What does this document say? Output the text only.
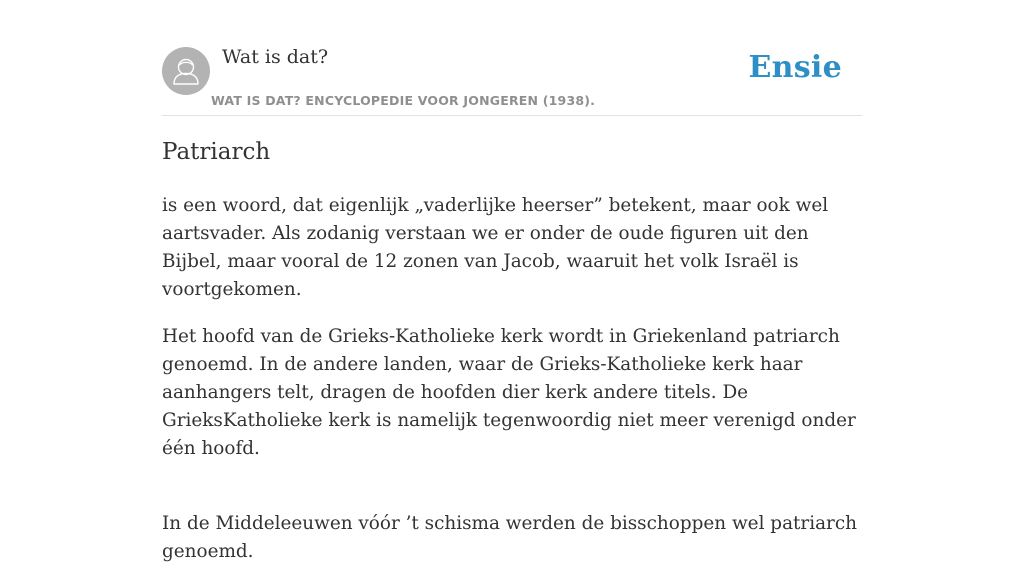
Wat is dat?
WAT IS DAT? ENCYCLOPEDIE VOOR JONGEREN (1938).
Ensie
Patriarch

is een woord, dat eigenlijk „vaderlijke heerser” betekent, maar ook wel aartsvader. Als zodanig verstaan we er onder de oude figuren uit den Bijbel, maar vooral de 12 zonen van Jacob, waaruit het volk Israël is voortgekomen.

Het hoofd van de Grieks-Katholieke kerk wordt in Griekenland patriarch genoemd. In de andere landen, waar de Grieks-Katholieke kerk haar aanhangers telt, dragen de hoofden dier kerk andere titels. De GrieksKatholieke kerk is namelijk tegenwoordig niet meer verenigd onder één hoofd.

In de Middeleeuwen vóór ’t schisma werden de bisschoppen wel patriarch genoemd.
